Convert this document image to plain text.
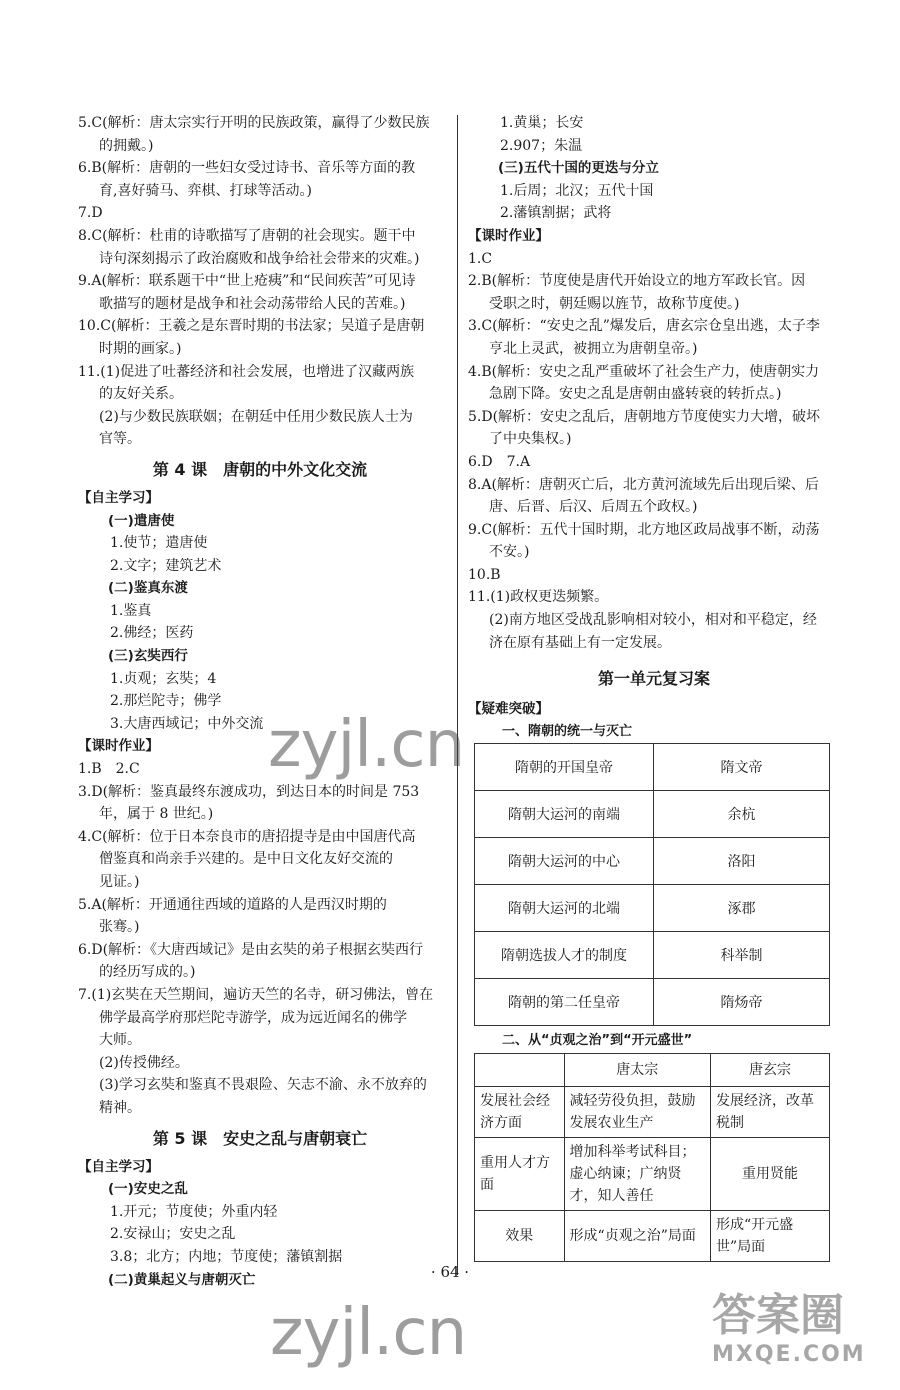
5.C(解析：唐太宗实行开明的民族政策，赢得了少数民族

的拥戴。)

6.B(解析：唐朝的一些妇女受过诗书、音乐等方面的教

育,喜好骑马、弈棋、打球等活动。)

7.D

8.C(解析：杜甫的诗歌描写了唐朝的社会现实。题干中

诗句深刻揭示了政治腐败和战争给社会带来的灾难。)

9.A(解析：联系题干中“世上疮痍”和“民间疾苦”可见诗

歌描写的题材是战争和社会动荡带给人民的苦难。)

10.C(解析：王羲之是东晋时期的书法家；吴道子是唐朝

时期的画家。)

11.(1)促进了吐蕃经济和社会发展，也增进了汉藏两族

的友好关系。

(2)与少数民族联姻；在朝廷中任用少数民族人士为

官等。

第 4 课　唐朝的中外文化交流

【自主学习】

(一)遣唐使

1.使节；遣唐使

2.文字；建筑艺术

(二)鉴真东渡

1.鉴真

2.佛经；医药

(三)玄奘西行

1.贞观；玄奘；4

2.那烂陀寺；佛学

3.大唐西域记；中外交流

【课时作业】

1.B　2.C

3.D(解析：鉴真最终东渡成功，到达日本的时间是 753

年，属于 8 世纪。)

4.C(解析：位于日本奈良市的唐招提寺是由中国唐代高

僧鉴真和尚亲手兴建的。是中日文化友好交流的

见证。)

5.A(解析：开通通往西域的道路的人是西汉时期的

张骞。)

6.D(解析：《大唐西域记》是由玄奘的弟子根据玄奘西行

的经历写成的。)

7.(1)玄奘在天竺期间，遍访天竺的名寺，研习佛法，曾在

佛学最高学府那烂陀寺游学，成为远近闻名的佛学

大师。

(2)传授佛经。

(3)学习玄奘和鉴真不畏艰险、矢志不渝、永不放弃的

精神。

第 5 课　安史之乱与唐朝衰亡

【自主学习】

(一)安史之乱

1.开元；节度使；外重内轻

2.安禄山；安史之乱

3.8；北方；内地；节度使；藩镇割据

(二)黄巢起义与唐朝灭亡

1.黄巢；长安

2.907；朱温

(三)五代十国的更迭与分立

1.后周；北汉；五代十国

2.藩镇割据；武将

【课时作业】

1.C

2.B(解析：节度使是唐代开始设立的地方军政长官。因

受职之时，朝廷赐以旌节，故称节度使。)

3.C(解析：“安史之乱”爆发后，唐玄宗仓皇出逃，太子李

亨北上灵武，被拥立为唐朝皇帝。)

4.B(解析：安史之乱严重破坏了社会生产力，使唐朝实力

急剧下降。安史之乱是唐朝由盛转衰的转折点。)

5.D(解析：安史之乱后，唐朝地方节度使实力大增，破坏

了中央集权。)

6.D　7.A

8.A(解析：唐朝灭亡后，北方黄河流域先后出现后梁、后

唐、后晋、后汉、后周五个政权。)

9.C(解析：五代十国时期，北方地区政局战事不断，动荡

不安。)

10.B

11.(1)政权更迭频繁。

(2)南方地区受战乱影响相对较小，相对和平稳定，经

济在原有基础上有一定发展。

第一单元复习案

【疑难突破】

一、隋朝的统一与灭亡

隋朝的开国皇帝	隋文帝
隋朝大运河的南端	余杭
隋朝大运河的中心	洛阳
隋朝大运河的北端	涿郡
隋朝选拔人才的制度	科举制
隋朝的第二任皇帝	隋炀帝

二、从“贞观之治”到“开元盛世”

	唐太宗	唐玄宗
发展社会经济方面	减轻劳役负担，鼓励发展农业生产	发展经济，改革税制
重用人才方面	增加科举考试科目；虚心纳谏；广纳贤才，知人善任	重用贤能
效果	形成“贞观之治”局面	形成“开元盛世”局面
· 64 ·
zyjl.cn
zyjl.cn	答案圈
MXQE.COM
